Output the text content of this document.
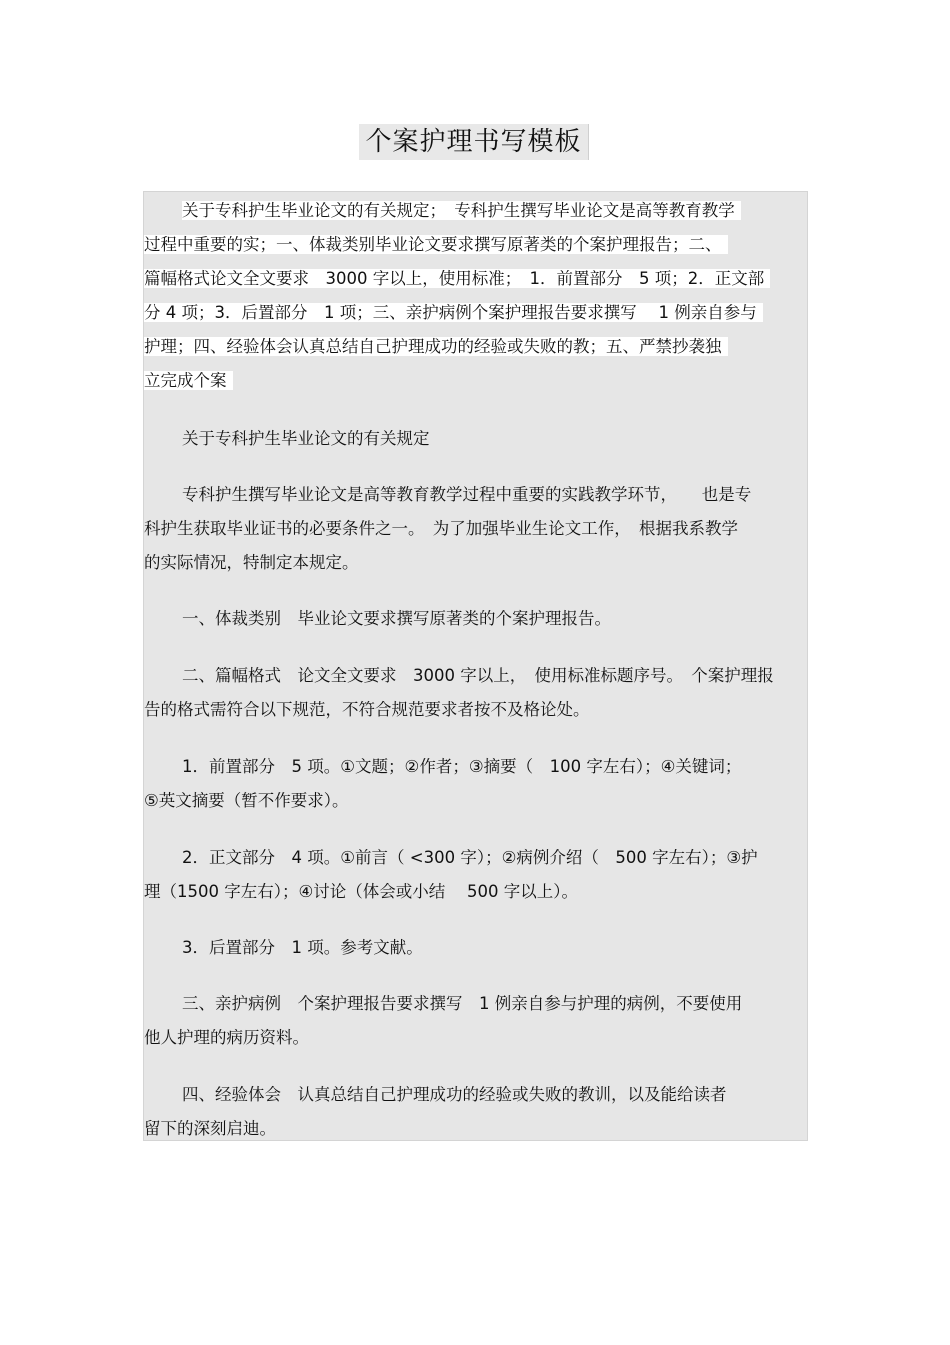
个案护理书写模板
关于专科护生毕业论文的有关规定；　专科护生撰写毕业论文是高等教育教学
过程中重要的实；一、体裁类别毕业论文要求撰写原著类的个案护理报告；二、
篇幅格式论文全文要求　3000 字以上，使用标准；　1．前置部分　5 项；2．正文部
分 4 项；3．后置部分　1 项；三、亲护病例个案护理报告要求撰写　 1 例亲自参与
护理；四、经验体会认真总结自己护理成功的经验或失败的教；五、严禁抄袭独
立完成个案
关于专科护生毕业论文的有关规定
专科护生撰写毕业论文是高等教育教学过程中重要的实践教学环节，　　也是专
科护生获取毕业证书的必要条件之一。　为了加强毕业生论文工作，　根据我系教学
的实际情况，特制定本规定。
一、体裁类别　毕业论文要求撰写原著类的个案护理报告。
二、篇幅格式　论文全文要求　3000 字以上，　使用标准标题序号。　个案护理报
告的格式需符合以下规范，不符合规范要求者按不及格论处。
1．前置部分　5 项。①文题；②作者；③摘要（　100 字左右）；④关键词；
⑤英文摘要（暂不作要求）。
2．正文部分　4 项。①前言（ <300 字）；②病例介绍（　500 字左右）；③护
理（1500 字左右）；④讨论（体会或小结　 500 字以上）。
3．后置部分　1 项。参考文献。
三、亲护病例　个案护理报告要求撰写　1 例亲自参与护理的病例，不要使用
他人护理的病历资料。
四、经验体会　认真总结自己护理成功的经验或失败的教训，以及能给读者
留下的深刻启迪。
